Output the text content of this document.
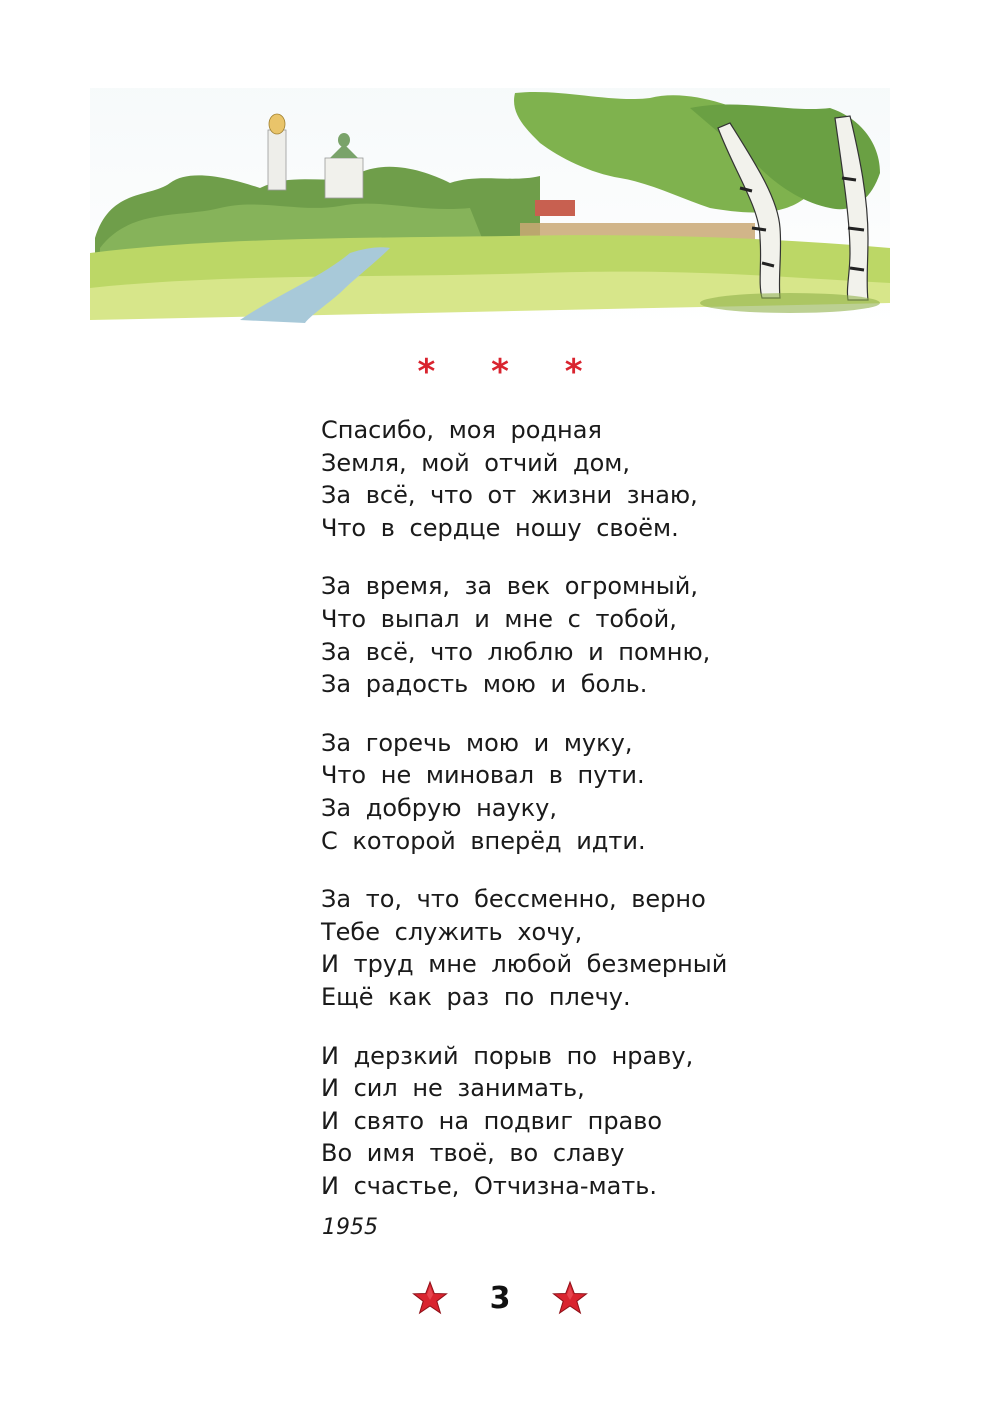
* * *
Спасибо, моя родная
Земля, мой отчий дом,
За всё, что от жизни знаю,
Что в сердце ношу своём.
За время, за век огромный,
Что выпал и мне с тобой,
За всё, что люблю и помню,
За радость мою и боль.
За горечь мою и муку,
Что не миновал в пути.
За добрую науку,
С которой вперёд идти.
За то, что бессменно, верно
Тебе служить хочу,
И труд мне любой безмерный
Ещё как раз по плечу.
И дерзкий порыв по нраву,
И сил не занимать,
И свято на подвиг право
Во имя твоё, во славу
И счастье, Отчизна-мать.
1955
3
